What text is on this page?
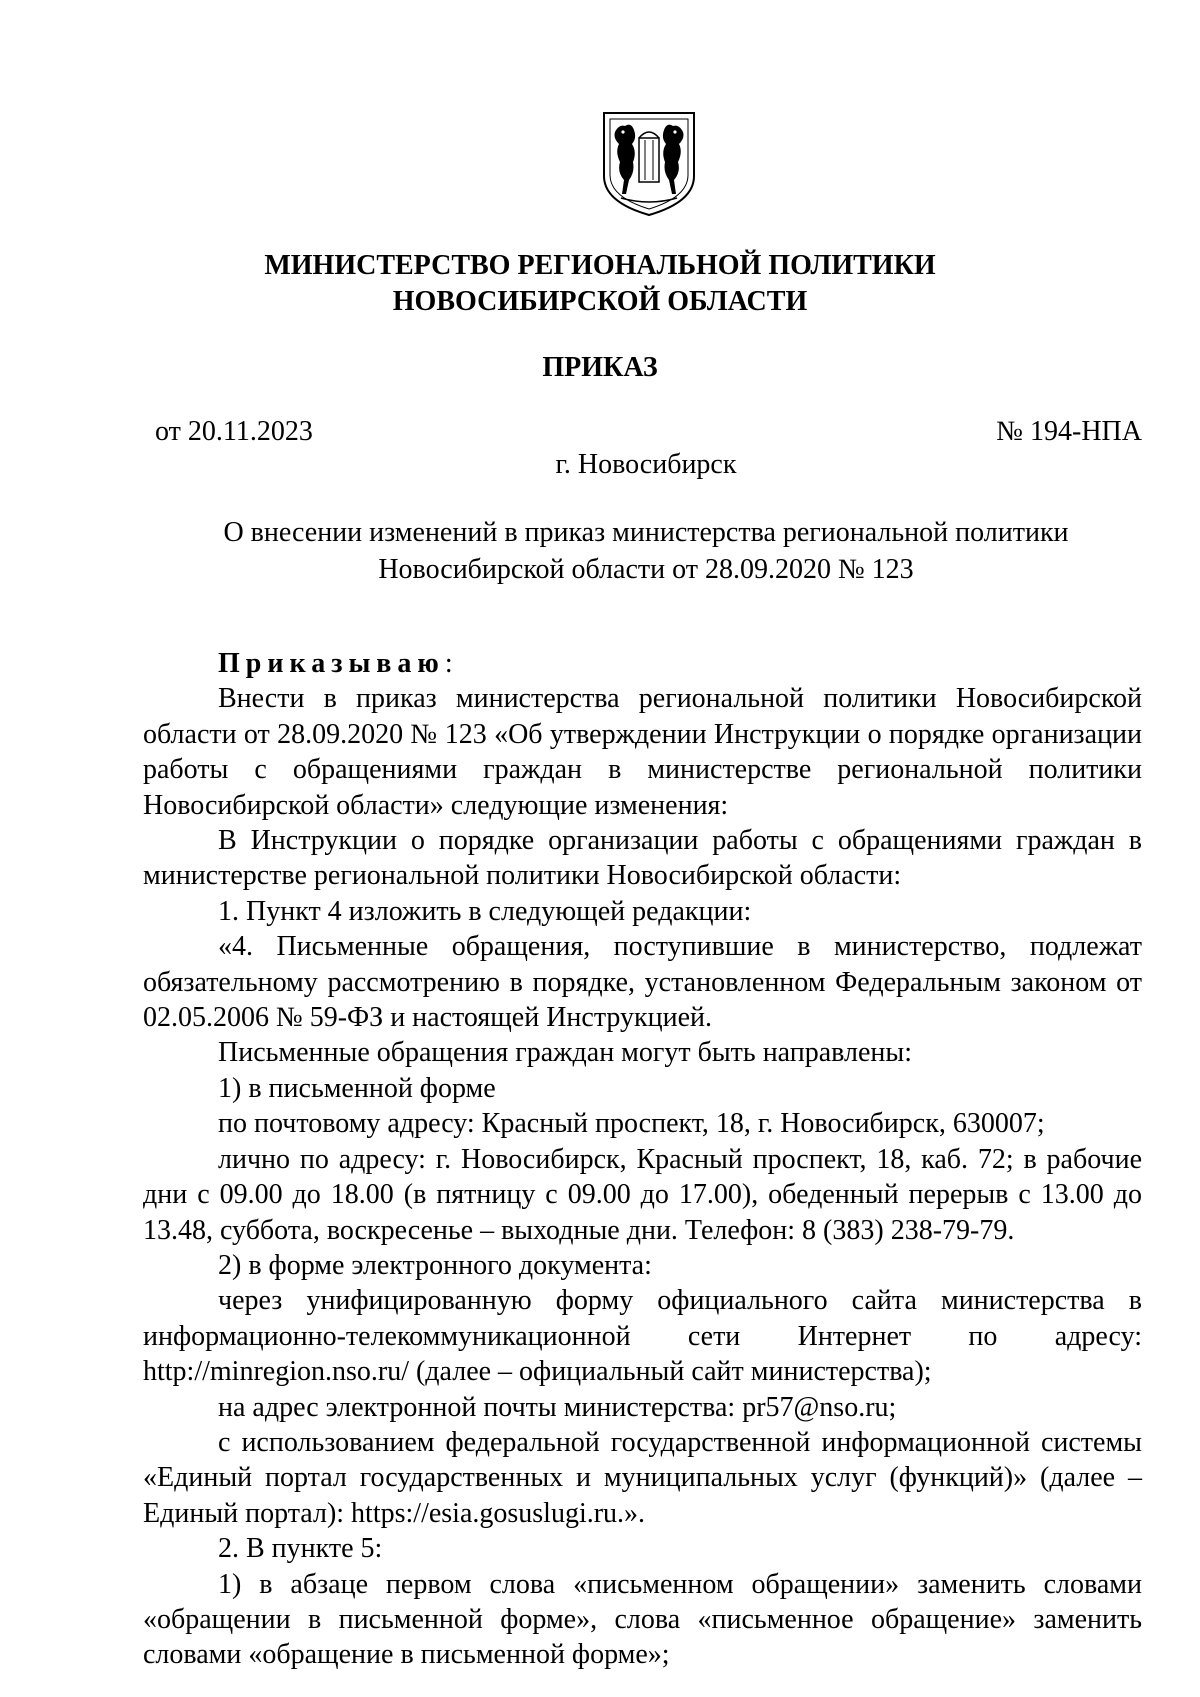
МИНИСТЕРСТВО РЕГИОНАЛЬНОЙ ПОЛИТИКИ
НОВОСИБИРСКОЙ ОБЛАСТИ
ПРИКАЗ
от 20.11.2023	№ 194-НПА
г. Новосибирск
О внесении изменений в приказ министерства региональной политики
Новосибирской области от 28.09.2020 № 123

Приказываю:

Внести в приказ министерства региональной политики Новосибирской области от 28.09.2020 № 123 «Об утверждении Инструкции о порядке организации работы с обращениями граждан в министерстве региональной политики Новосибирской области» следующие изменения:

В Инструкции о порядке организации работы с обращениями граждан в министерстве региональной политики Новосибирской области:

1. Пункт 4 изложить в следующей редакции:

«4. Письменные обращения, поступившие в министерство, подлежат обязательному рассмотрению в порядке, установленном Федеральным законом от 02.05.2006 № 59-ФЗ и настоящей Инструкцией.

Письменные обращения граждан могут быть направлены:

1) в письменной форме

по почтовому адресу: Красный проспект, 18, г. Новосибирск, 630007;

лично по адресу: г. Новосибирск, Красный проспект, 18, каб. 72; в рабочие дни с 09.00 до 18.00 (в пятницу с 09.00 до 17.00), обеденный перерыв с 13.00 до 13.48, суббота, воскресенье – выходные дни. Телефон: 8 (383) 238-79-79.

2) в форме электронного документа:

через унифицированную форму официального сайта министерства в информационно-телекоммуникационной сети Интернет по адресу: http://minregion.nso.ru/ (далее – официальный сайт министерства);

на адрес электронной почты министерства: pr57@nso.ru;

с использованием федеральной государственной информационной системы «Единый портал государственных и муниципальных услуг (функций)» (далее – Единый портал): https://esia.gosuslugi.ru.».

2. В пункте 5:

1) в абзаце первом слова «письменном обращении» заменить словами «обращении в письменной форме», слова «письменное обращение» заменить словами «обращение в письменной форме»;
